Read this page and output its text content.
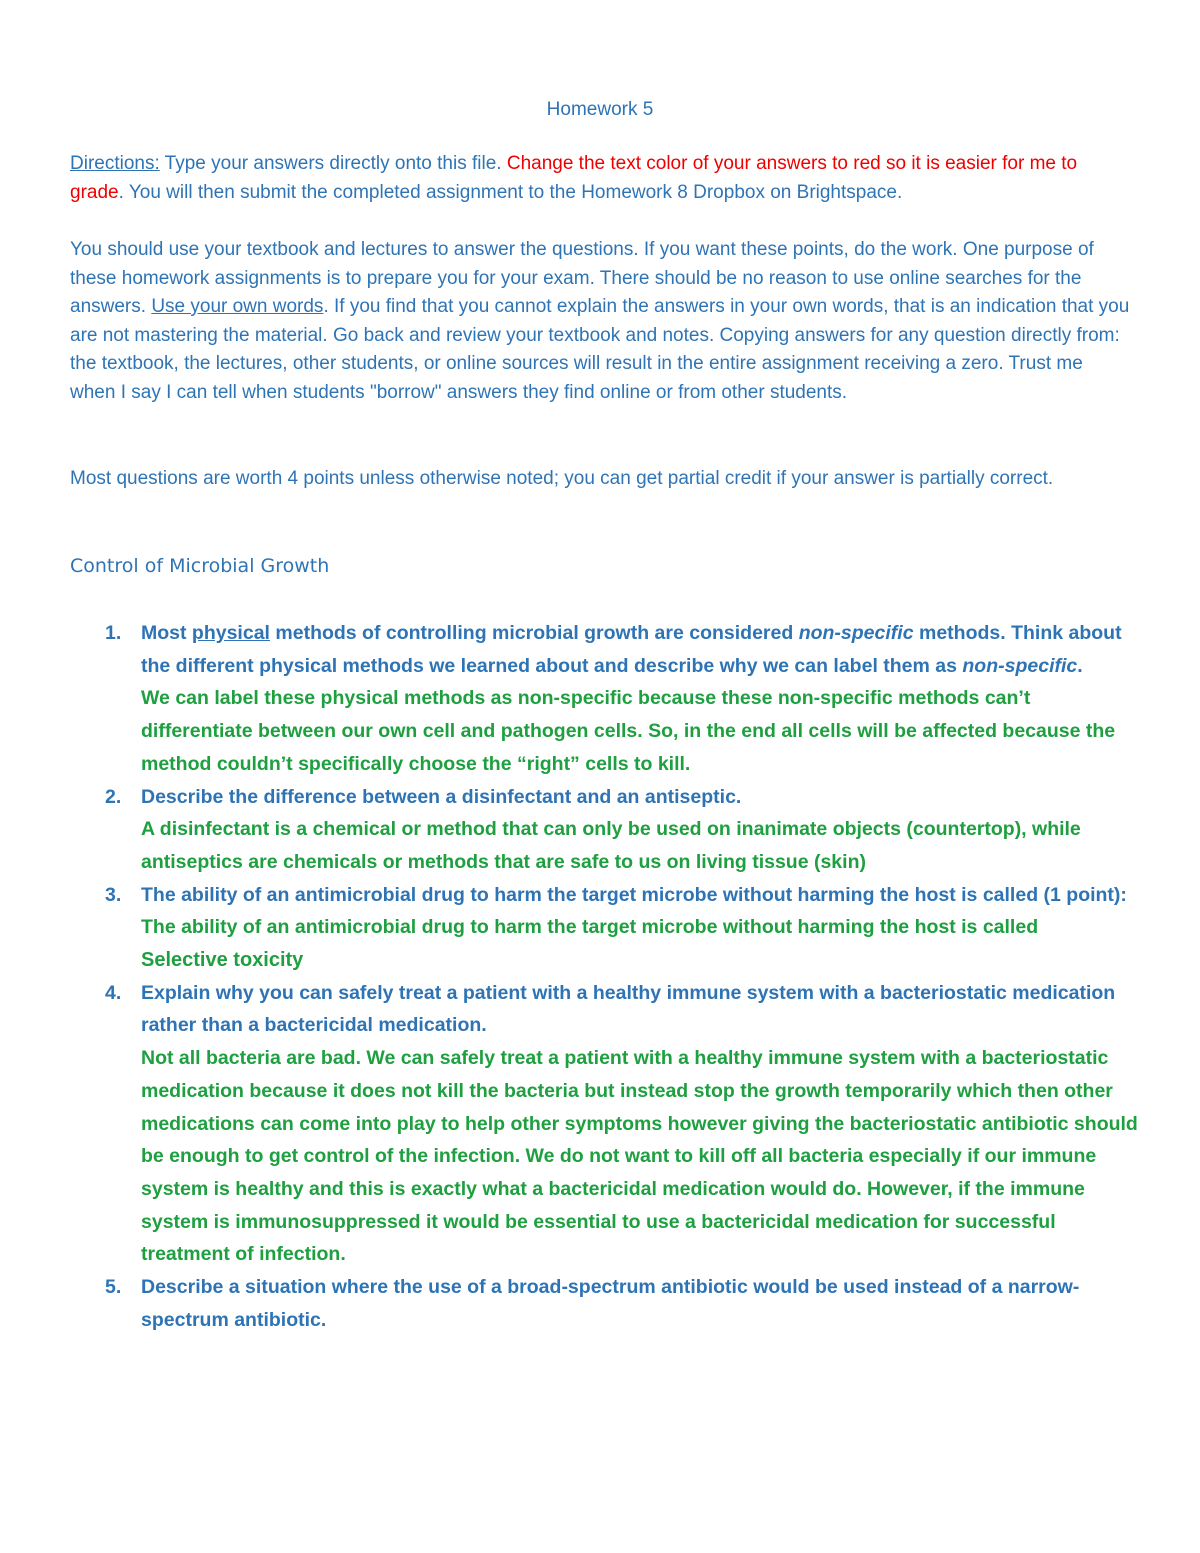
Homework 5

Directions: Type your answers directly onto this file. Change the text color of your answers to red so it is easier for me to grade. You will then submit the completed assignment to the Homework 8 Dropbox on Brightspace.

You should use your textbook and lectures to answer the questions. If you want these points, do the work. One purpose of these homework assignments is to prepare you for your exam. There should be no reason to use online searches for the answers. Use your own words. If you find that you cannot explain the answers in your own words, that is an indication that you are not mastering the material. Go back and review your textbook and notes. Copying answers for any question directly from: the textbook, the lectures, other students, or online sources will result in the entire assignment receiving a zero. Trust me when I say I can tell when students "borrow" answers they find online or from other students.

Most questions are worth 4 points unless otherwise noted; you can get partial credit if your answer is partially correct.

Control of Microbial Growth

1. Most physical methods of controlling microbial growth are considered non-specific methods. Think about the different physical methods we learned about and describe why we can label them as non-specific.
We can label these physical methods as non-specific because these non-specific methods can’t differentiate between our own cell and pathogen cells. So, in the end all cells will be affected because the method couldn’t specifically choose the “right” cells to kill.
2. Describe the difference between a disinfectant and an antiseptic.
A disinfectant is a chemical or method that can only be used on inanimate objects (countertop), while antiseptics are chemicals or methods that are safe to us on living tissue (skin)
3. The ability of an antimicrobial drug to harm the target microbe without harming the host is called (1 point):
The ability of an antimicrobial drug to harm the target microbe without harming the host is called
Selective toxicity
4. Explain why you can safely treat a patient with a healthy immune system with a bacteriostatic medication rather than a bactericidal medication.
Not all bacteria are bad. We can safely treat a patient with a healthy immune system with a bacteriostatic medication because it does not kill the bacteria but instead stop the growth temporarily which then other medications can come into play to help other symptoms however giving the bacteriostatic antibiotic should be enough to get control of the infection. We do not want to kill off all bacteria especially if our immune system is healthy and this is exactly what a bactericidal medication would do. However, if the immune system is immunosuppressed it would be essential to use a bactericidal medication for successful treatment of infection.
5. Describe a situation where the use of a broad-spectrum antibiotic would be used instead of a narrow-spectrum antibiotic.
